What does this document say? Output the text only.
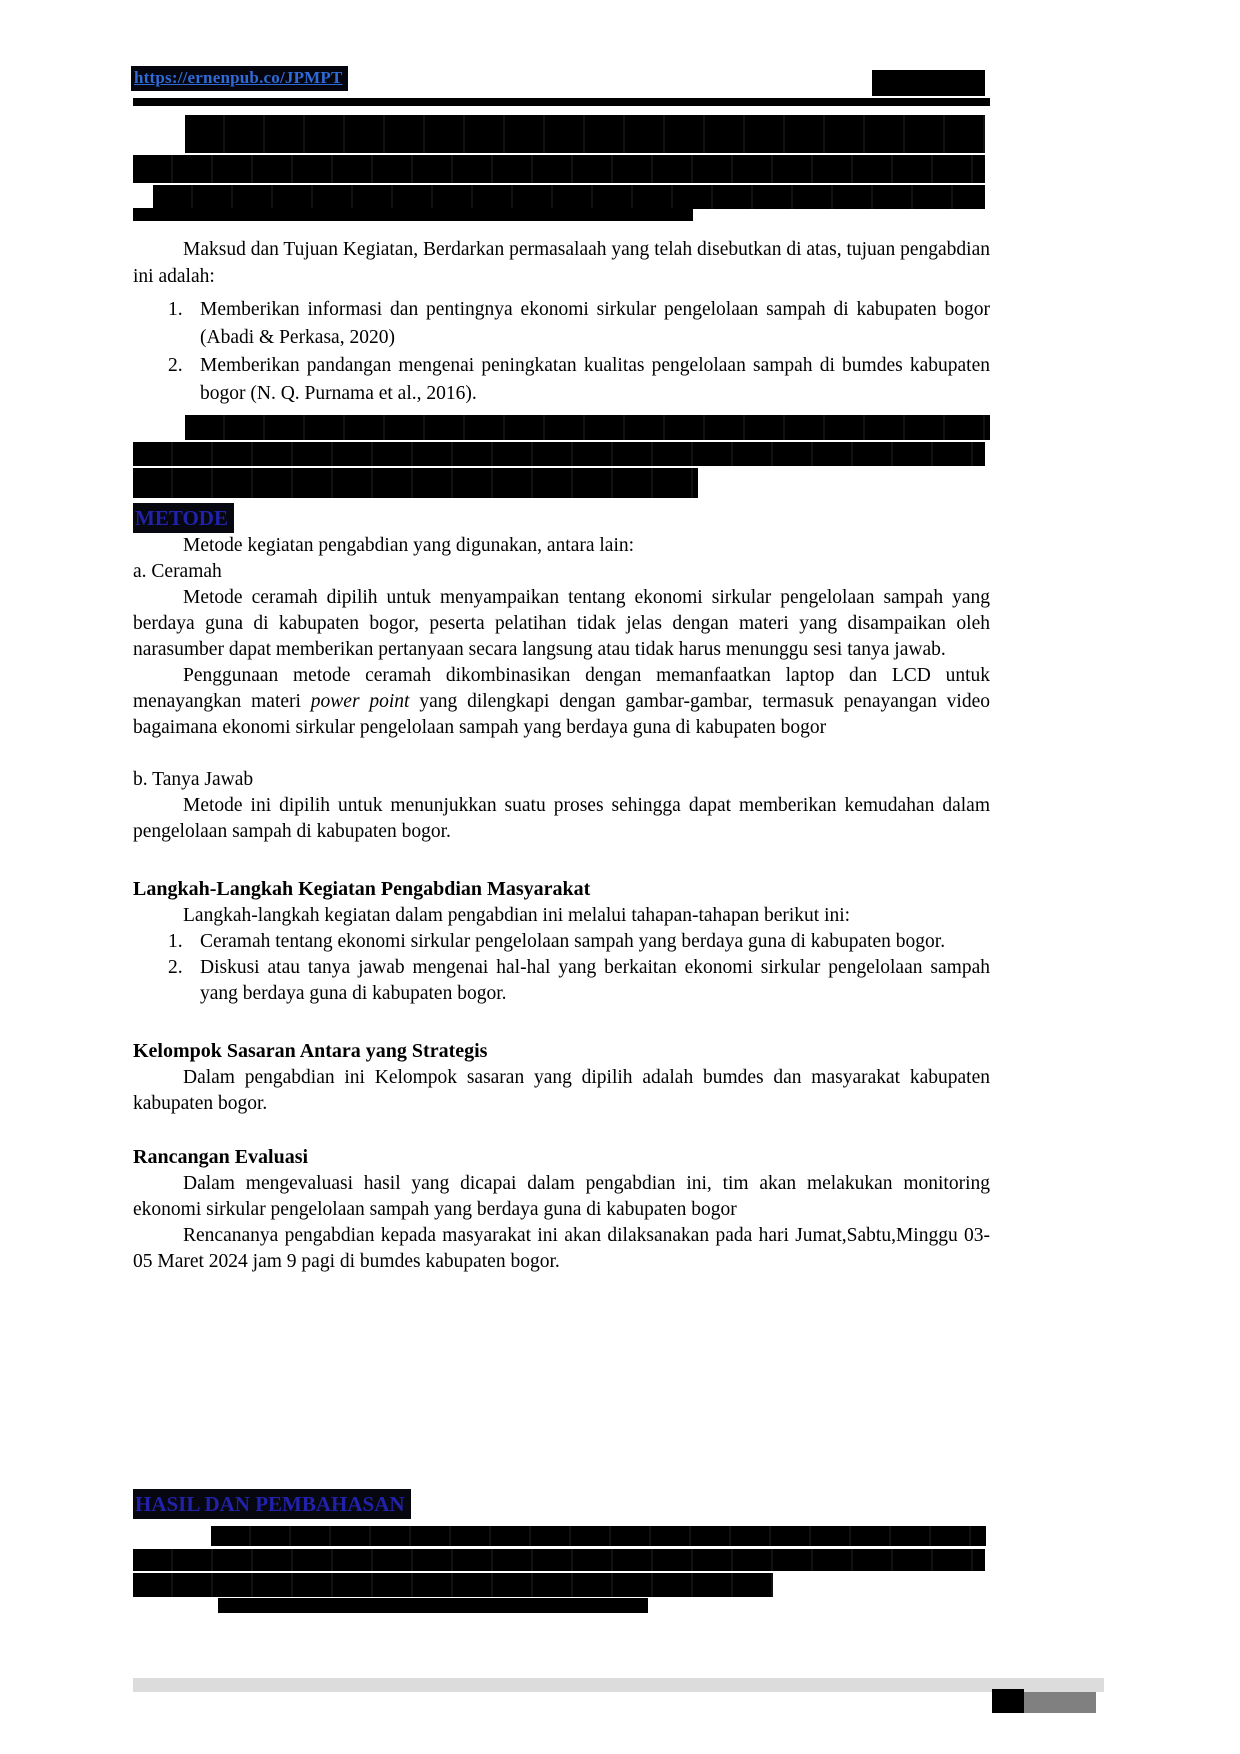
https://ernenpub.co/JPMPT

Maksud dan Tujuan Kegiatan, Berdarkan permasalaah yang telah disebutkan di atas, tujuan pengabdian ini adalah:

1. Memberikan informasi dan pentingnya ekonomi sirkular pengelolaan sampah di kabupaten bogor (Abadi & Perkasa, 2020)
2. Memberikan pandangan mengenai peningkatan kualitas pengelolaan sampah di bumdes kabupaten bogor (N. Q. Purnama et al., 2016).
METODE

Metode kegiatan pengabdian yang digunakan, antara lain:

a. Ceramah

Metode ceramah dipilih untuk menyampaikan tentang ekonomi sirkular pengelolaan sampah yang berdaya guna di kabupaten bogor, peserta pelatihan tidak jelas dengan materi yang disampaikan oleh narasumber dapat memberikan pertanyaan secara langsung atau tidak harus menunggu sesi tanya jawab.

Penggunaan metode ceramah dikombinasikan dengan memanfaatkan laptop dan LCD untuk menayangkan materi power point yang dilengkapi dengan gambar-gambar, termasuk penayangan video bagaimana ekonomi sirkular pengelolaan sampah yang berdaya guna di kabupaten bogor

b. Tanya Jawab

Metode ini dipilih untuk menunjukkan suatu proses sehingga dapat memberikan kemudahan dalam pengelolaan sampah di kabupaten bogor.

Langkah-Langkah Kegiatan Pengabdian Masyarakat

Langkah-langkah kegiatan dalam pengabdian ini melalui tahapan-tahapan berikut ini:

1. Ceramah tentang ekonomi sirkular pengelolaan sampah yang berdaya guna di kabupaten bogor.
2. Diskusi atau tanya jawab mengenai hal-hal yang berkaitan ekonomi sirkular pengelolaan sampah yang berdaya guna di kabupaten bogor.
Kelompok Sasaran Antara yang Strategis

Dalam pengabdian ini Kelompok sasaran yang dipilih adalah bumdes dan masyarakat kabupaten kabupaten bogor.

Rancangan Evaluasi

Dalam mengevaluasi hasil yang dicapai dalam pengabdian ini, tim akan melakukan monitoring ekonomi sirkular pengelolaan sampah yang berdaya guna di kabupaten bogor

Rencananya pengabdian kepada masyarakat ini akan dilaksanakan pada hari Jumat,Sabtu,Minggu 03-05 Maret 2024 jam 9 pagi di bumdes kabupaten bogor.

HASIL DAN PEMBAHASAN
